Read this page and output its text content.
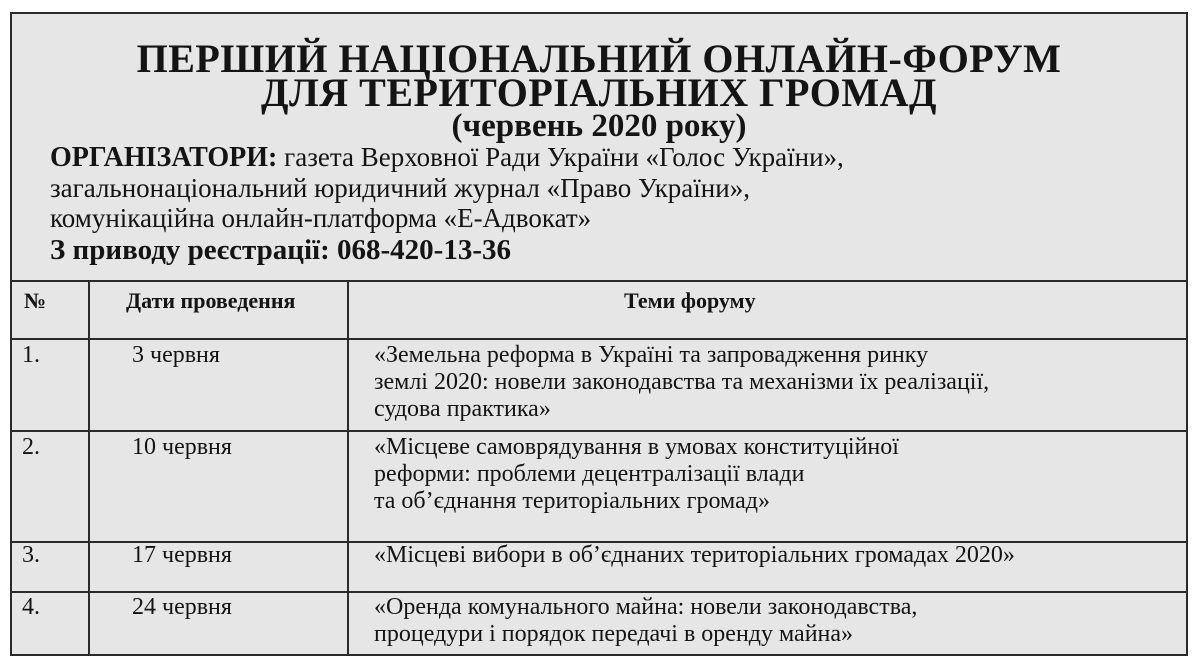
ПЕРШИЙ НАЦІОНАЛЬНИЙ ОНЛАЙН-ФОРУМ
ДЛЯ ТЕРИТОРІАЛЬНИХ ГРОМАД
(червень 2020 року)
ОРГАНІЗАТОРИ: газета Верховної Ради України «Голос України»,
загальнонаціональний юридичний журнал «Право України»,
комунікаційна онлайн-платформа «Е-Адвокат»
З приводу реєстрації: 068-420-13-36
№	Дати проведення	Теми форуму
1.	3 червня	«Земельна реформа в Україні та запровадження ринку
землі 2020: новели законодавства та механізми їх реалізації,
судова практика»
2.	10 червня	«Місцеве самоврядування в умовах конституційної
реформи: проблеми децентралізації влади
та об’єднання територіальних громад»
3.	17 червня	«Місцеві вибори в об’єднаних територіальних громадах 2020»
4.	24 червня	«Оренда комунального майна: новели законодавства,
процедури і порядок передачі в оренду майна»
